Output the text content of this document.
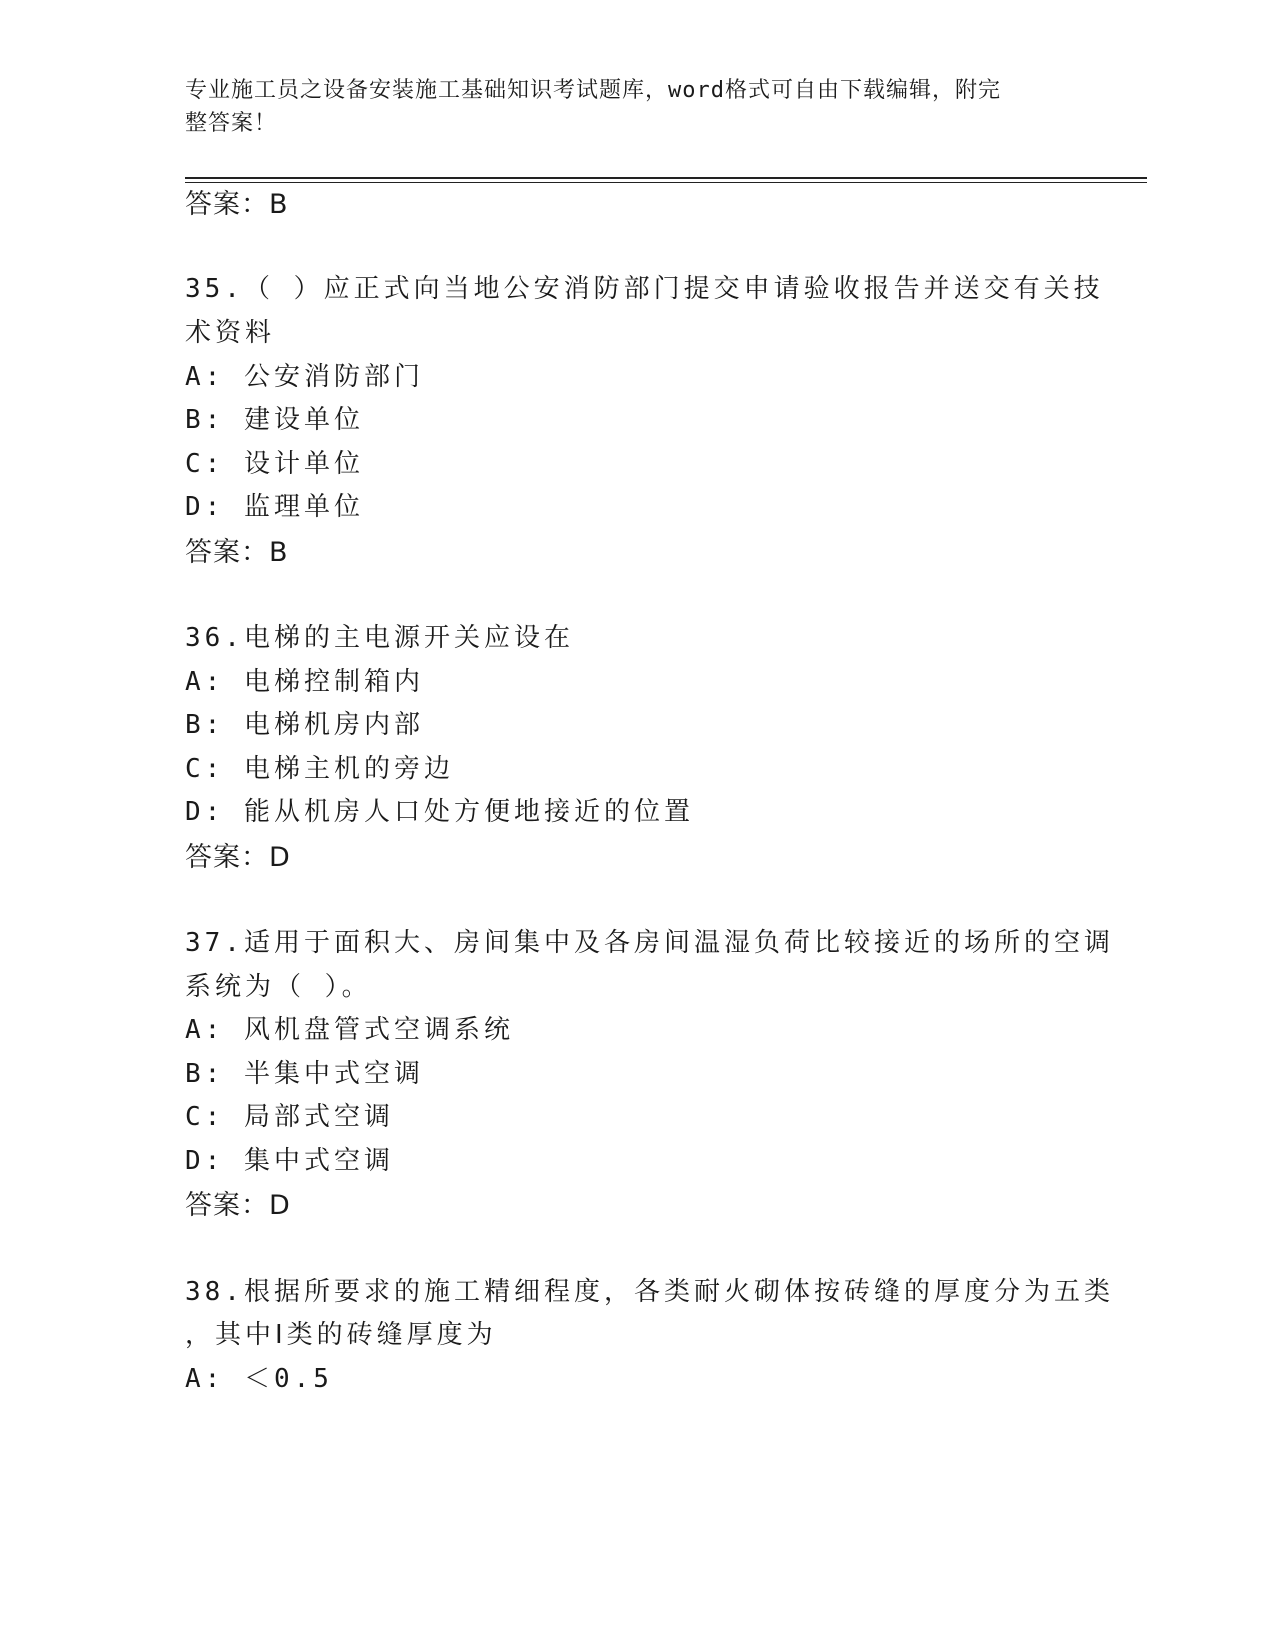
专业施工员之设备安装施工基础知识考试题库，word格式可自由下载编辑，附完
整答案！
答案：B
35.（ ）应正式向当地公安消防部门提交申请验收报告并送交有关技
术资料
A: 公安消防部门
B: 建设单位
C: 设计单位
D: 监理单位
答案：B
36.电梯的主电源开关应设在
A: 电梯控制箱内
B: 电梯机房内部
C: 电梯主机的旁边
D: 能从机房人口处方便地接近的位置
答案：D
37.适用于面积大、房间集中及各房间温湿负荷比较接近的场所的空调
系统为（ ）。
A: 风机盘管式空调系统
B: 半集中式空调
C: 局部式空调
D: 集中式空调
答案：D
38.根据所要求的施工精细程度，各类耐火砌体按砖缝的厚度分为五类
，其中Ⅰ类的砖缝厚度为
A: ＜0.5
